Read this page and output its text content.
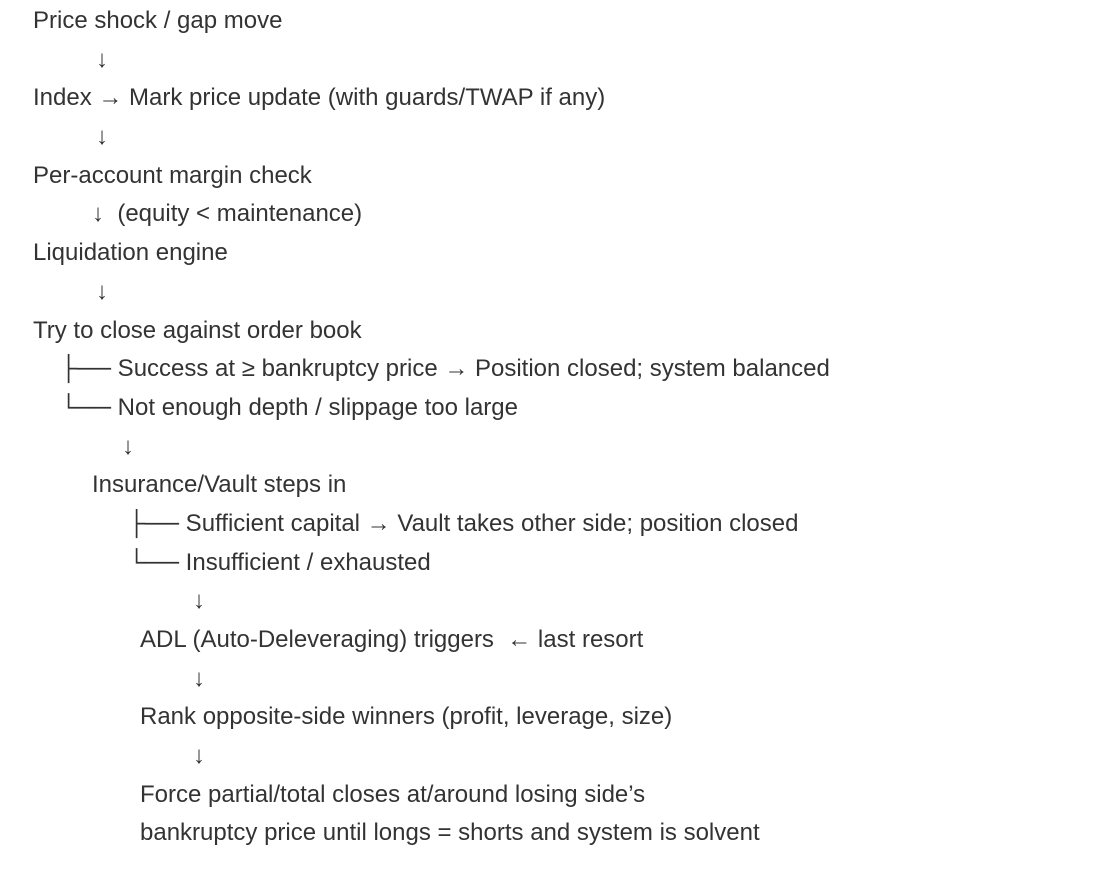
Price shock / gap move
↓
Index → Mark price update (with guards/TWAP if any)
↓
Per-account margin check
↓  (equity < maintenance)
Liquidation engine
↓
Try to close against order book
├── Success at ≥ bankruptcy price → Position closed; system balanced
└── Not enough depth / slippage too large
↓
Insurance/Vault steps in
├── Sufficient capital → Vault takes other side; position closed
└── Insufficient / exhausted
↓
ADL (Auto-Deleveraging) triggers  ← last resort
↓
Rank opposite-side winners (profit, leverage, size)
↓
Force partial/total closes at/around losing side’s
bankruptcy price until longs = shorts and system is solvent
